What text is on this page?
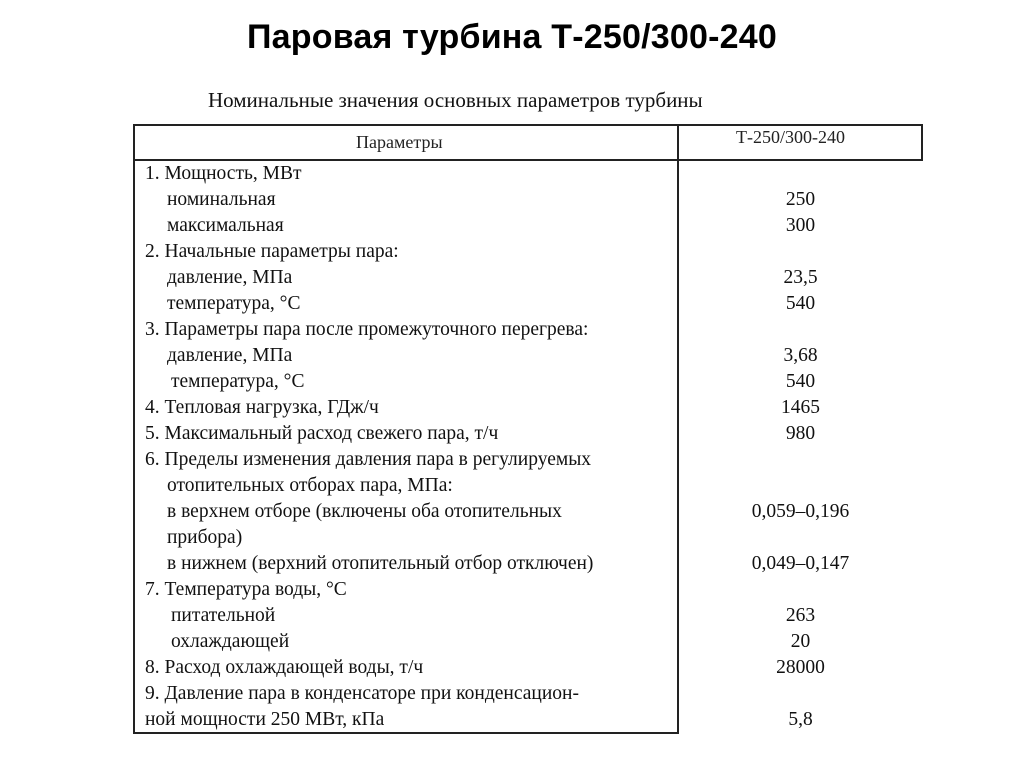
Паровая турбина Т-250/300-240
Номинальные значения основных параметров турбины
Параметры	Т-250/300-240
1. Мощность, МВт
номинальная	250
максимальная	300
2. Начальные параметры пара:
давление, МПа	23,5
температура, °С	540
3. Параметры пара после промежуточного перегрева:
давление, МПа	3,68
температура, °С	540
4. Тепловая нагрузка, ГДж/ч	1465
5. Максимальный расход свежего пара, т/ч	980
6. Пределы изменения давления пара в регулируемых
отопительных отборах пара, МПа:
в верхнем отборе (включены оба отопительных	0,059–0,196
прибора)
в нижнем (верхний отопительный отбор отключен)	0,049–0,147
7. Температура воды, °С
питательной	263
охлаждающей	20
8. Расход охлаждающей воды, т/ч	28000
9. Давление пара в конденсаторе при конденсацион-
ной мощности 250 МВт, кПа	5,8
